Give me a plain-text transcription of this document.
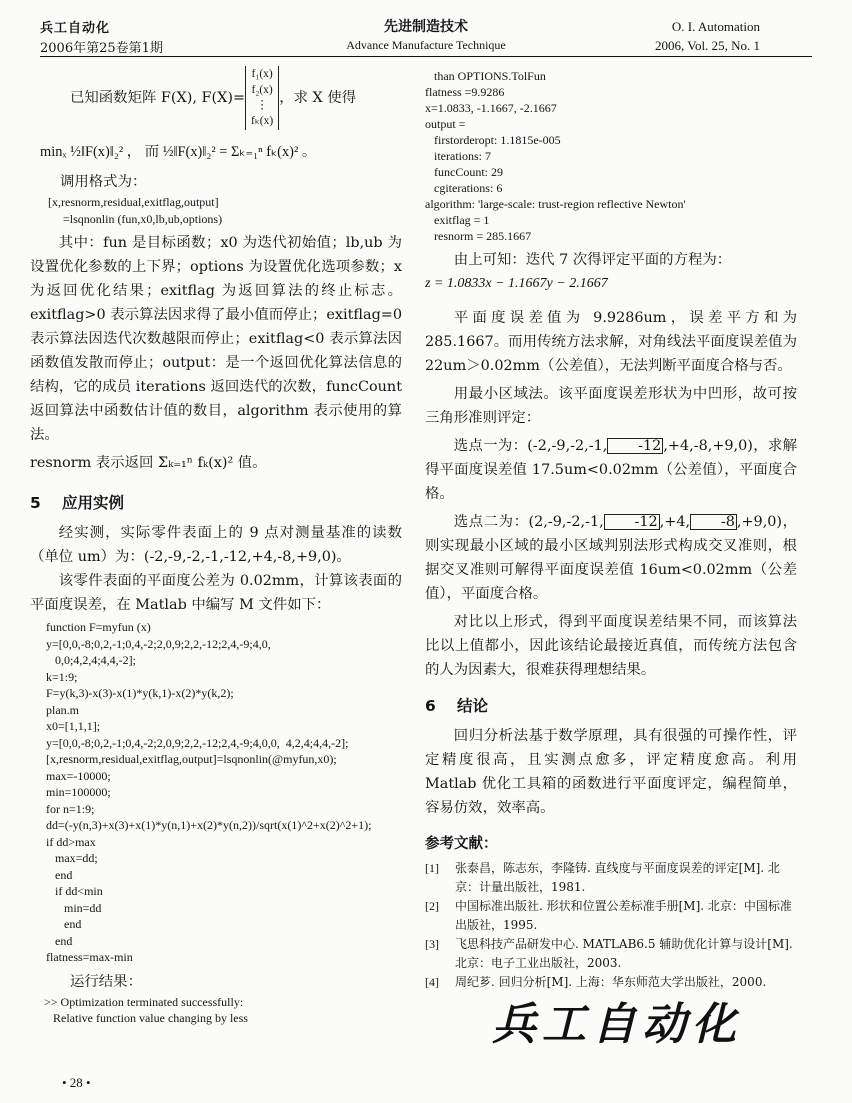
兵工自动化
2006年第25卷第1期
先进制造技术
Advance Manufacture Technique
O. I. Automation
2006, Vol. 25, No. 1
已知函数矩阵 F(X), F(X)=
f₁(x)
f₂(x)
⋮
fₖ(x)
，求 X 使得
minₓ ½‖F(x)‖₂² ， 而 ½‖F(x)‖₂² = Σₖ₌₁ⁿ fₖ(x)² 。
调用格式为：
[x,resnorm,residual,exitflag,output]
=lsqnonlin (fun,x0,lb,ub,options)

其中：fun 是目标函数；x0 为迭代初始值；lb,ub 为设置优化参数的上下界；options 为设置优化选项参数；x 为返回优化结果；exitflag 为返回算法的终止标志。exitflag>0 表示算法因求得了最小值而停止；exitflag=0 表示算法因迭代次数越限而停止；exitflag<0 表示算法因函数值发散而停止；output：是一个返回优化算法信息的结构，它的成员 iterations 返回迭代的次数，funcCount 返回算法中函数估计值的数目，algorithm 表示使用的算法。

resnorm 表示返回 Σₖ₌₁ⁿ fₖ(x)² 值。
5 应用实例

经实测，实际零件表面上的 9 点对测量基准的读数（单位 um）为：(-2,-9,-2,-1,-12,+4,-8,+9,0)。

该零件表面的平面度公差为 0.02mm，计算该表面的平面度误差，在 Matlab 中编写 M 文件如下：

function F=myfun (x)
y=[0,0,-8;0,2,-1;0,4,-2;2,0,9;2,2,-12;2,4,-9;4,0,
0,0;4,2,4;4,4,-2];
k=1:9;
F=y(k,3)-x(3)-x(1)*y(k,1)-x(2)*y(k,2);
plan.m
x0=[1,1,1];
y=[0,0,-8;0,2,-1;0,4,-2;2,0,9;2,2,-12;2,4,-9;4,0,0,  4,2,4;4,4,-2];
[x,resnorm,residual,exitflag,output]=lsqnonlin(@myfun,x0);
max=-10000;
min=100000;
for n=1:9;
dd=(-y(n,3)+x(3)+x(1)*y(n,1)+x(2)*y(n,2))/sqrt(x(1)^2+x(2)^2+1);
if dd>max
max=dd;
end
if dd<min
min=dd
end
end
flatness=max-min
运行结果：
>> Optimization terminated successfully:
Relative function value changing by less
• 28 •
than OPTIONS.TolFun
flatness =9.9286
x=1.0833, -1.1667, -2.1667
output =
firstorderopt: 1.1815e-005
iterations: 7
funcCount: 29
cgiterations: 6
algorithm: 'large-scale: trust-region reflective Newton'
exitflag = 1
resnorm = 285.1667

由上可知：迭代 7 次得评定平面的方程为：

z = 1.0833x − 1.1667y − 2.1667

平面度误差值为 9.9286um，误差平方和为 285.1667。而用传统方法求解，对角线法平面度误差值为 22um＞0.02mm（公差值），无法判断平面度合格与否。

用最小区域法。该平面度误差形状为中凹形，故可按三角形准则评定：

选点一为：(-2,-9,-2,-1, -12 ,+4,-8,+9,0)，求解得平面度误差值 17.5um<0.02mm（公差值），平面度合格。

选点二为：(2,-9,-2,-1, -12 ,+4, -8 ,+9,0)，则实现最小区域的最小区域判别法形式构成交叉准则，根据交叉准则可解得平面度误差值 16um<0.02mm（公差值），平面度合格。

对比以上形式，得到平面度误差结果不同，而该算法比以上值都小，因此该结论最接近真值，而传统方法包含的人为因素大，很难获得理想结果。

6 结论

回归分析法基于数学原理，具有很强的可操作性，评定精度很高，且实测点愈多，评定精度愈高。利用 Matlab 优化工具箱的函数进行平面度评定，编程简单，容易仿效，效率高。

参考文献：
[1]	张泰昌，陈志东，李隆铸. 直线度与平面度误差的评定[M]. 北京：计量出版社，1981.
[2]	中国标准出版社. 形状和位置公差标准手册[M]. 北京：中国标准出版社，1995.
[3]	飞思科技产品研发中心. MATLAB6.5 辅助优化计算与设计[M]. 北京：电子工业出版社，2003.
[4]	周纪芗. 回归分析[M]. 上海：华东师范大学出版社，2000.
兵工自动化
